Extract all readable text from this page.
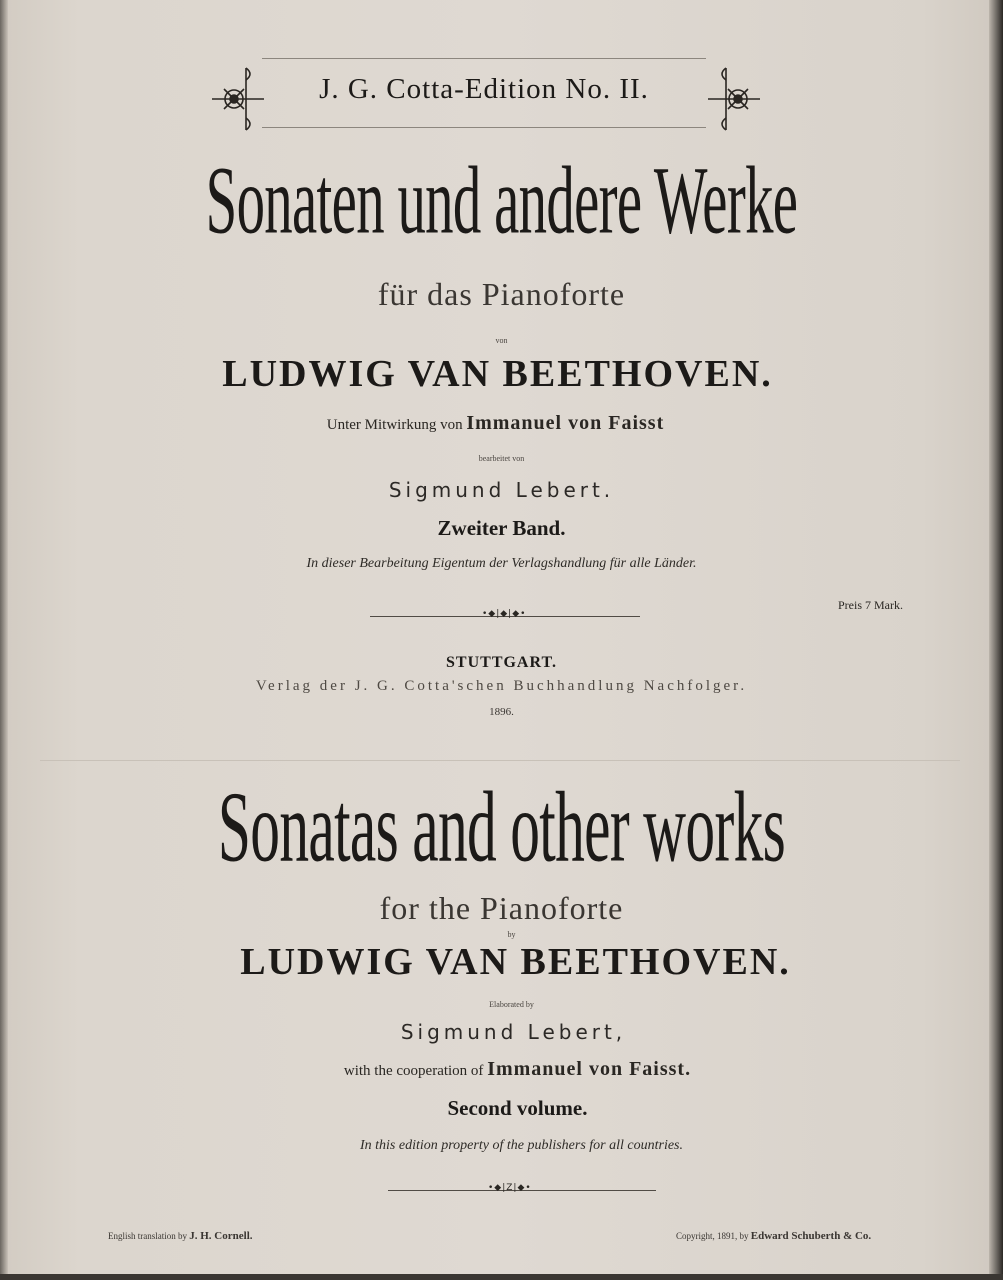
J. G. Cotta-Edition No. II.
Sonaten und andere Werke
für das Pianoforte
von
LUDWIG VAN BEETHOVEN.
Unter Mitwirkung von Immanuel von Faisst
bearbeitet von
Sigmund Lebert.
Zweiter Band.
In dieser Bearbeitung Eigentum der Verlagshandlung für alle Länder.
•◆|◆|◆•
Preis 7 Mark.
STUTTGART.
Verlag der J. G. Cotta'schen Buchhandlung Nachfolger.
1896.
Sonatas and other works
for the Pianoforte
by
LUDWIG VAN BEETHOVEN.
Elaborated by
Sigmund Lebert,
with the cooperation of Immanuel von Faisst.
Second volume.
In this edition property of the publishers for all countries.
•◆|Z|◆•
English translation by J. H. Cornell.	Copyright, 1891, by Edward Schuberth & Co.
